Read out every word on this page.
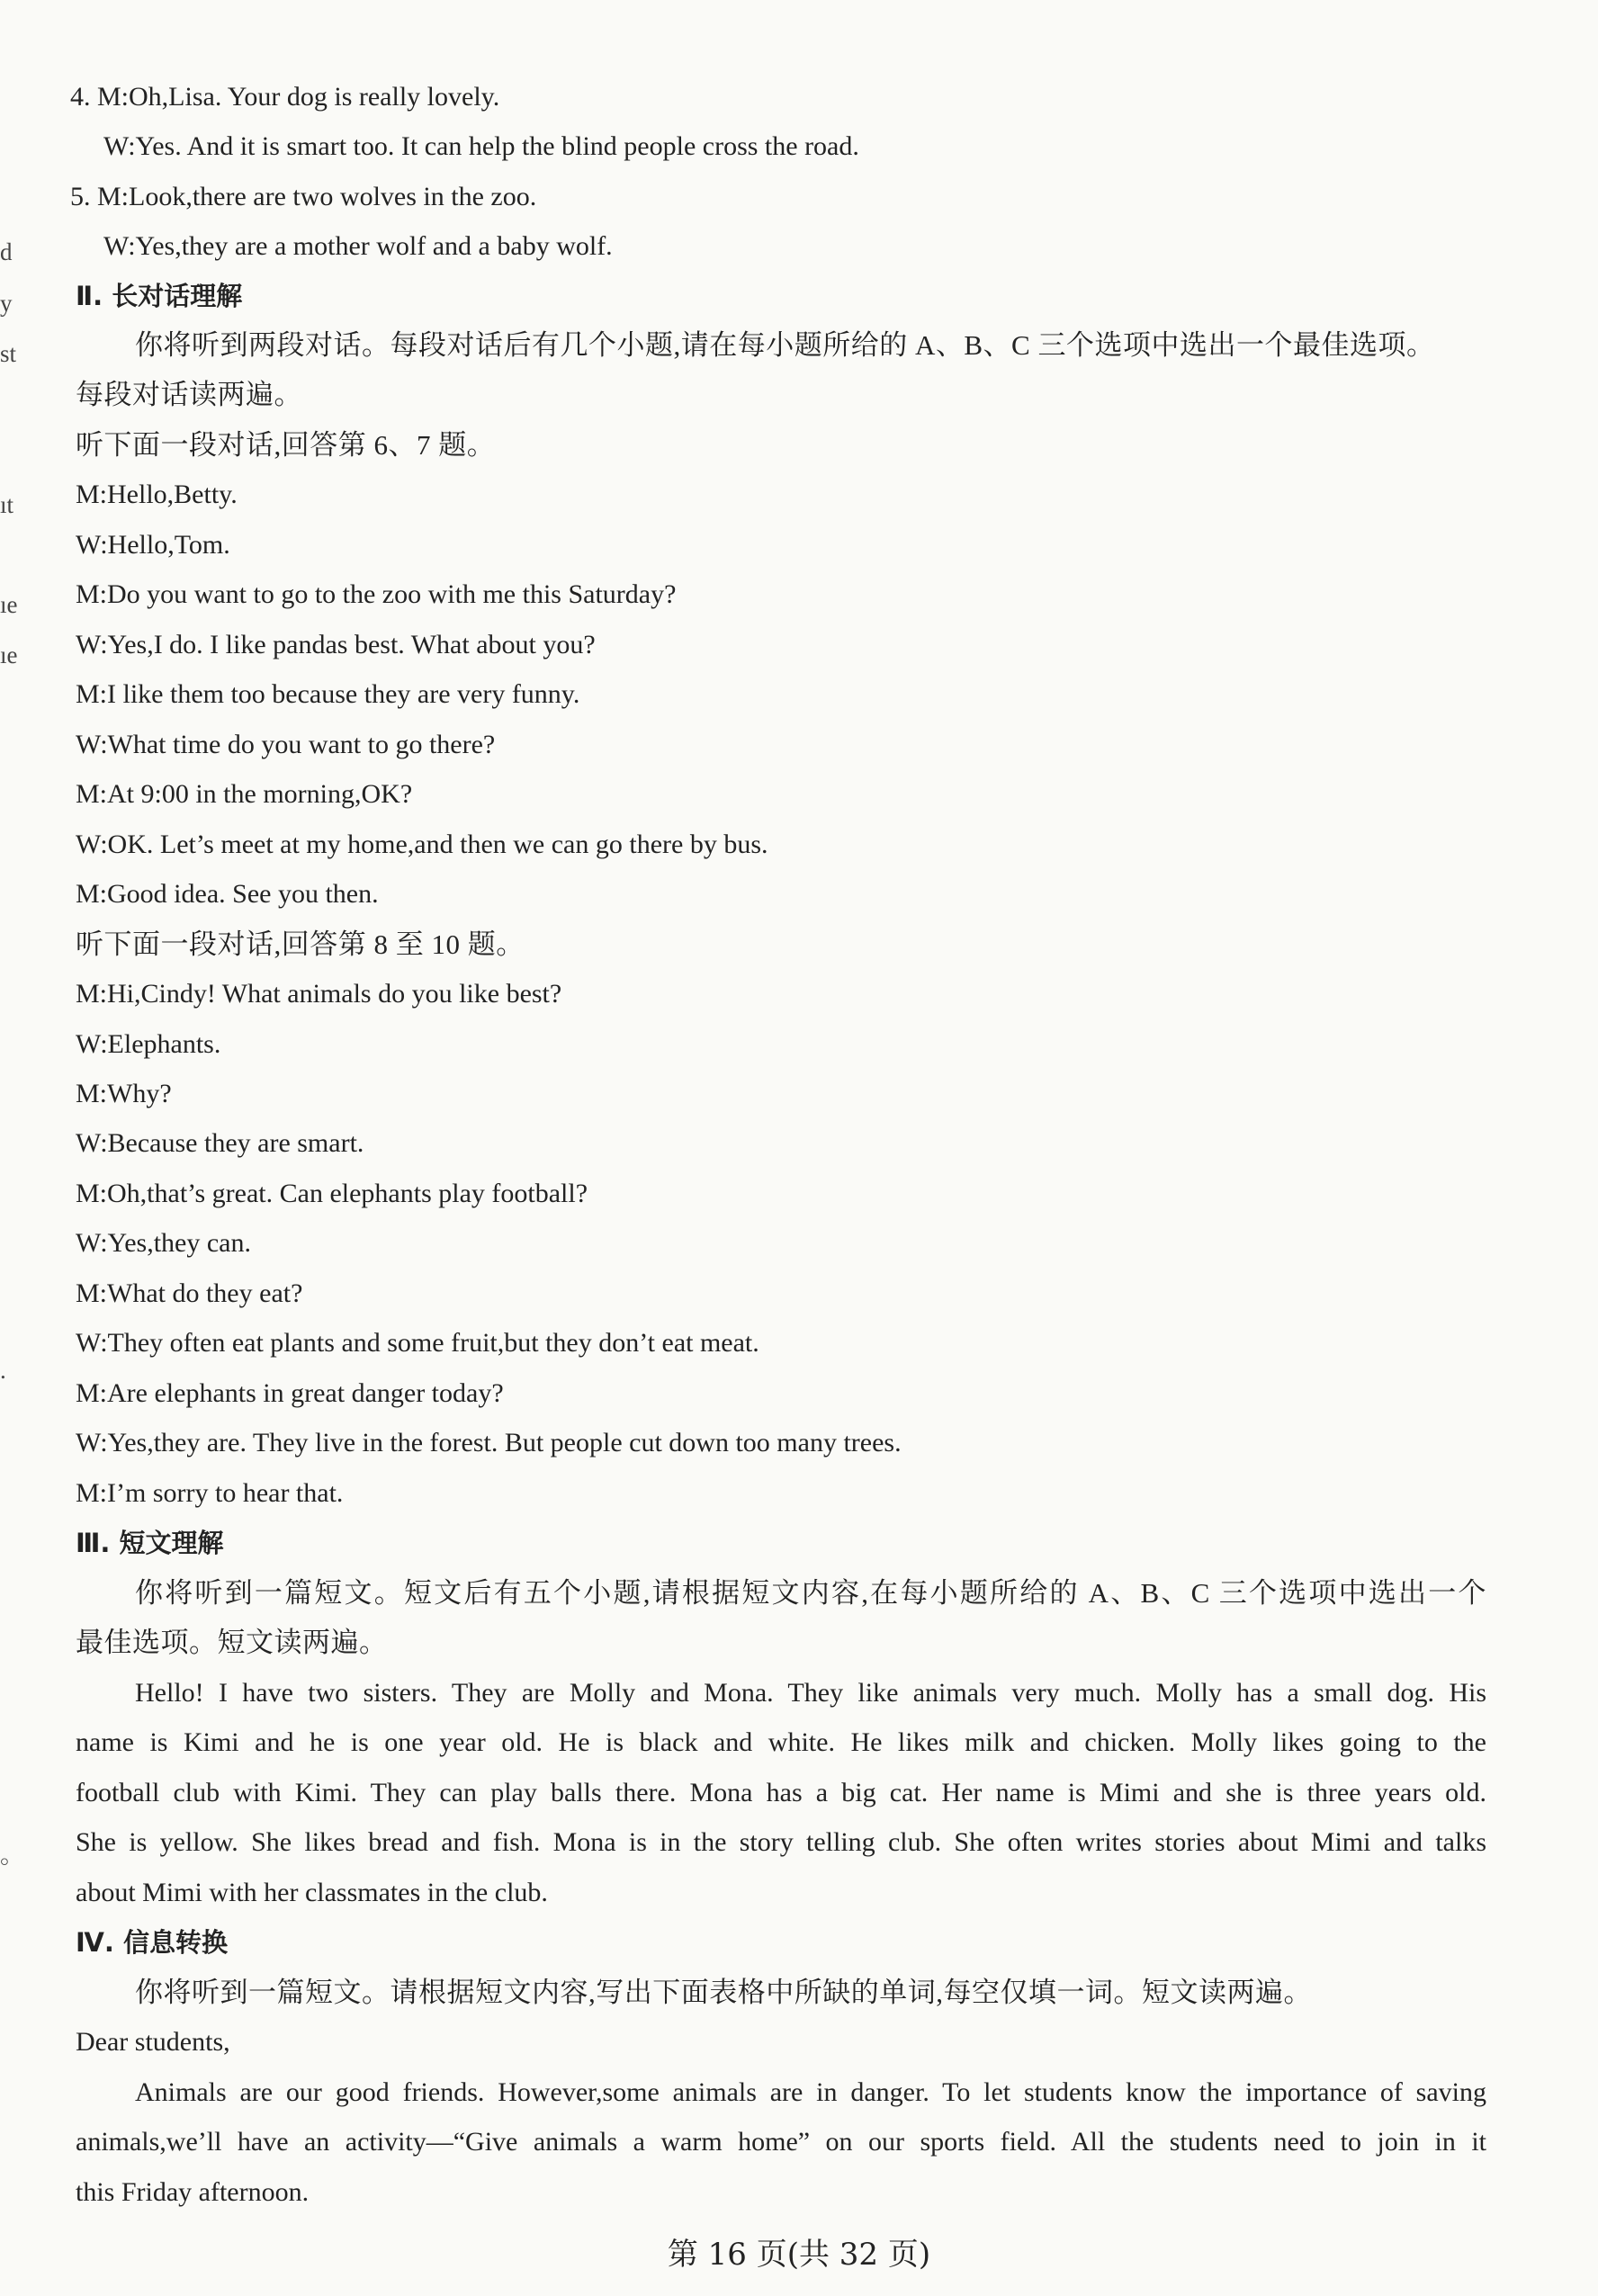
d
y
st
ıt
ıe
ıe
.
。
4. M:Oh,Lisa. Your dog is really lovely.
W:Yes. And it is smart too. It can help the blind people cross the road.
5. M:Look,there are two wolves in the zoo.
W:Yes,they are a mother wolf and a baby wolf.
Ⅱ. 长对话理解
你将听到两段对话。每段对话后有几个小题,请在每小题所给的 A、B、C 三个选项中选出一个最佳选项。
每段对话读两遍。
听下面一段对话,回答第 6、7 题。
M:Hello,Betty.
W:Hello,Tom.
M:Do you want to go to the zoo with me this Saturday?
W:Yes,I do. I like pandas best. What about you?
M:I like them too because they are very funny.
W:What time do you want to go there?
M:At 9:00 in the morning,OK?
W:OK. Let’s meet at my home,and then we can go there by bus.
M:Good idea. See you then.
听下面一段对话,回答第 8 至 10 题。
M:Hi,Cindy! What animals do you like best?
W:Elephants.
M:Why?
W:Because they are smart.
M:Oh,that’s great. Can elephants play football?
W:Yes,they can.
M:What do they eat?
W:They often eat plants and some fruit,but they don’t eat meat.
M:Are elephants in great danger today?
W:Yes,they are. They live in the forest. But people cut down too many trees.
M:I’m sorry to hear that.
Ⅲ. 短文理解
你将听到一篇短文。短文后有五个小题,请根据短文内容,在每小题所给的 A、B、C 三个选项中选出一个
最佳选项。短文读两遍。
Hello! I have two sisters. They are Molly and Mona. They like animals very much. Molly has a small dog. His
name is Kimi and he is one year old. He is black and white. He likes milk and chicken. Molly likes going to the
football club with Kimi. They can play balls there. Mona has a big cat. Her name is Mimi and she is three years old.
She is yellow. She likes bread and fish. Mona is in the story telling club. She often writes stories about Mimi and talks
about Mimi with her classmates in the club.
Ⅳ. 信息转换
你将听到一篇短文。请根据短文内容,写出下面表格中所缺的单词,每空仅填一词。短文读两遍。
Dear students,
Animals are our good friends. However,some animals are in danger. To let students know the importance of saving
animals,we’ll have an activity—“Give animals a warm home” on our sports field. All the students need to join in it
this Friday afternoon.
第 16 页(共 32 页)
